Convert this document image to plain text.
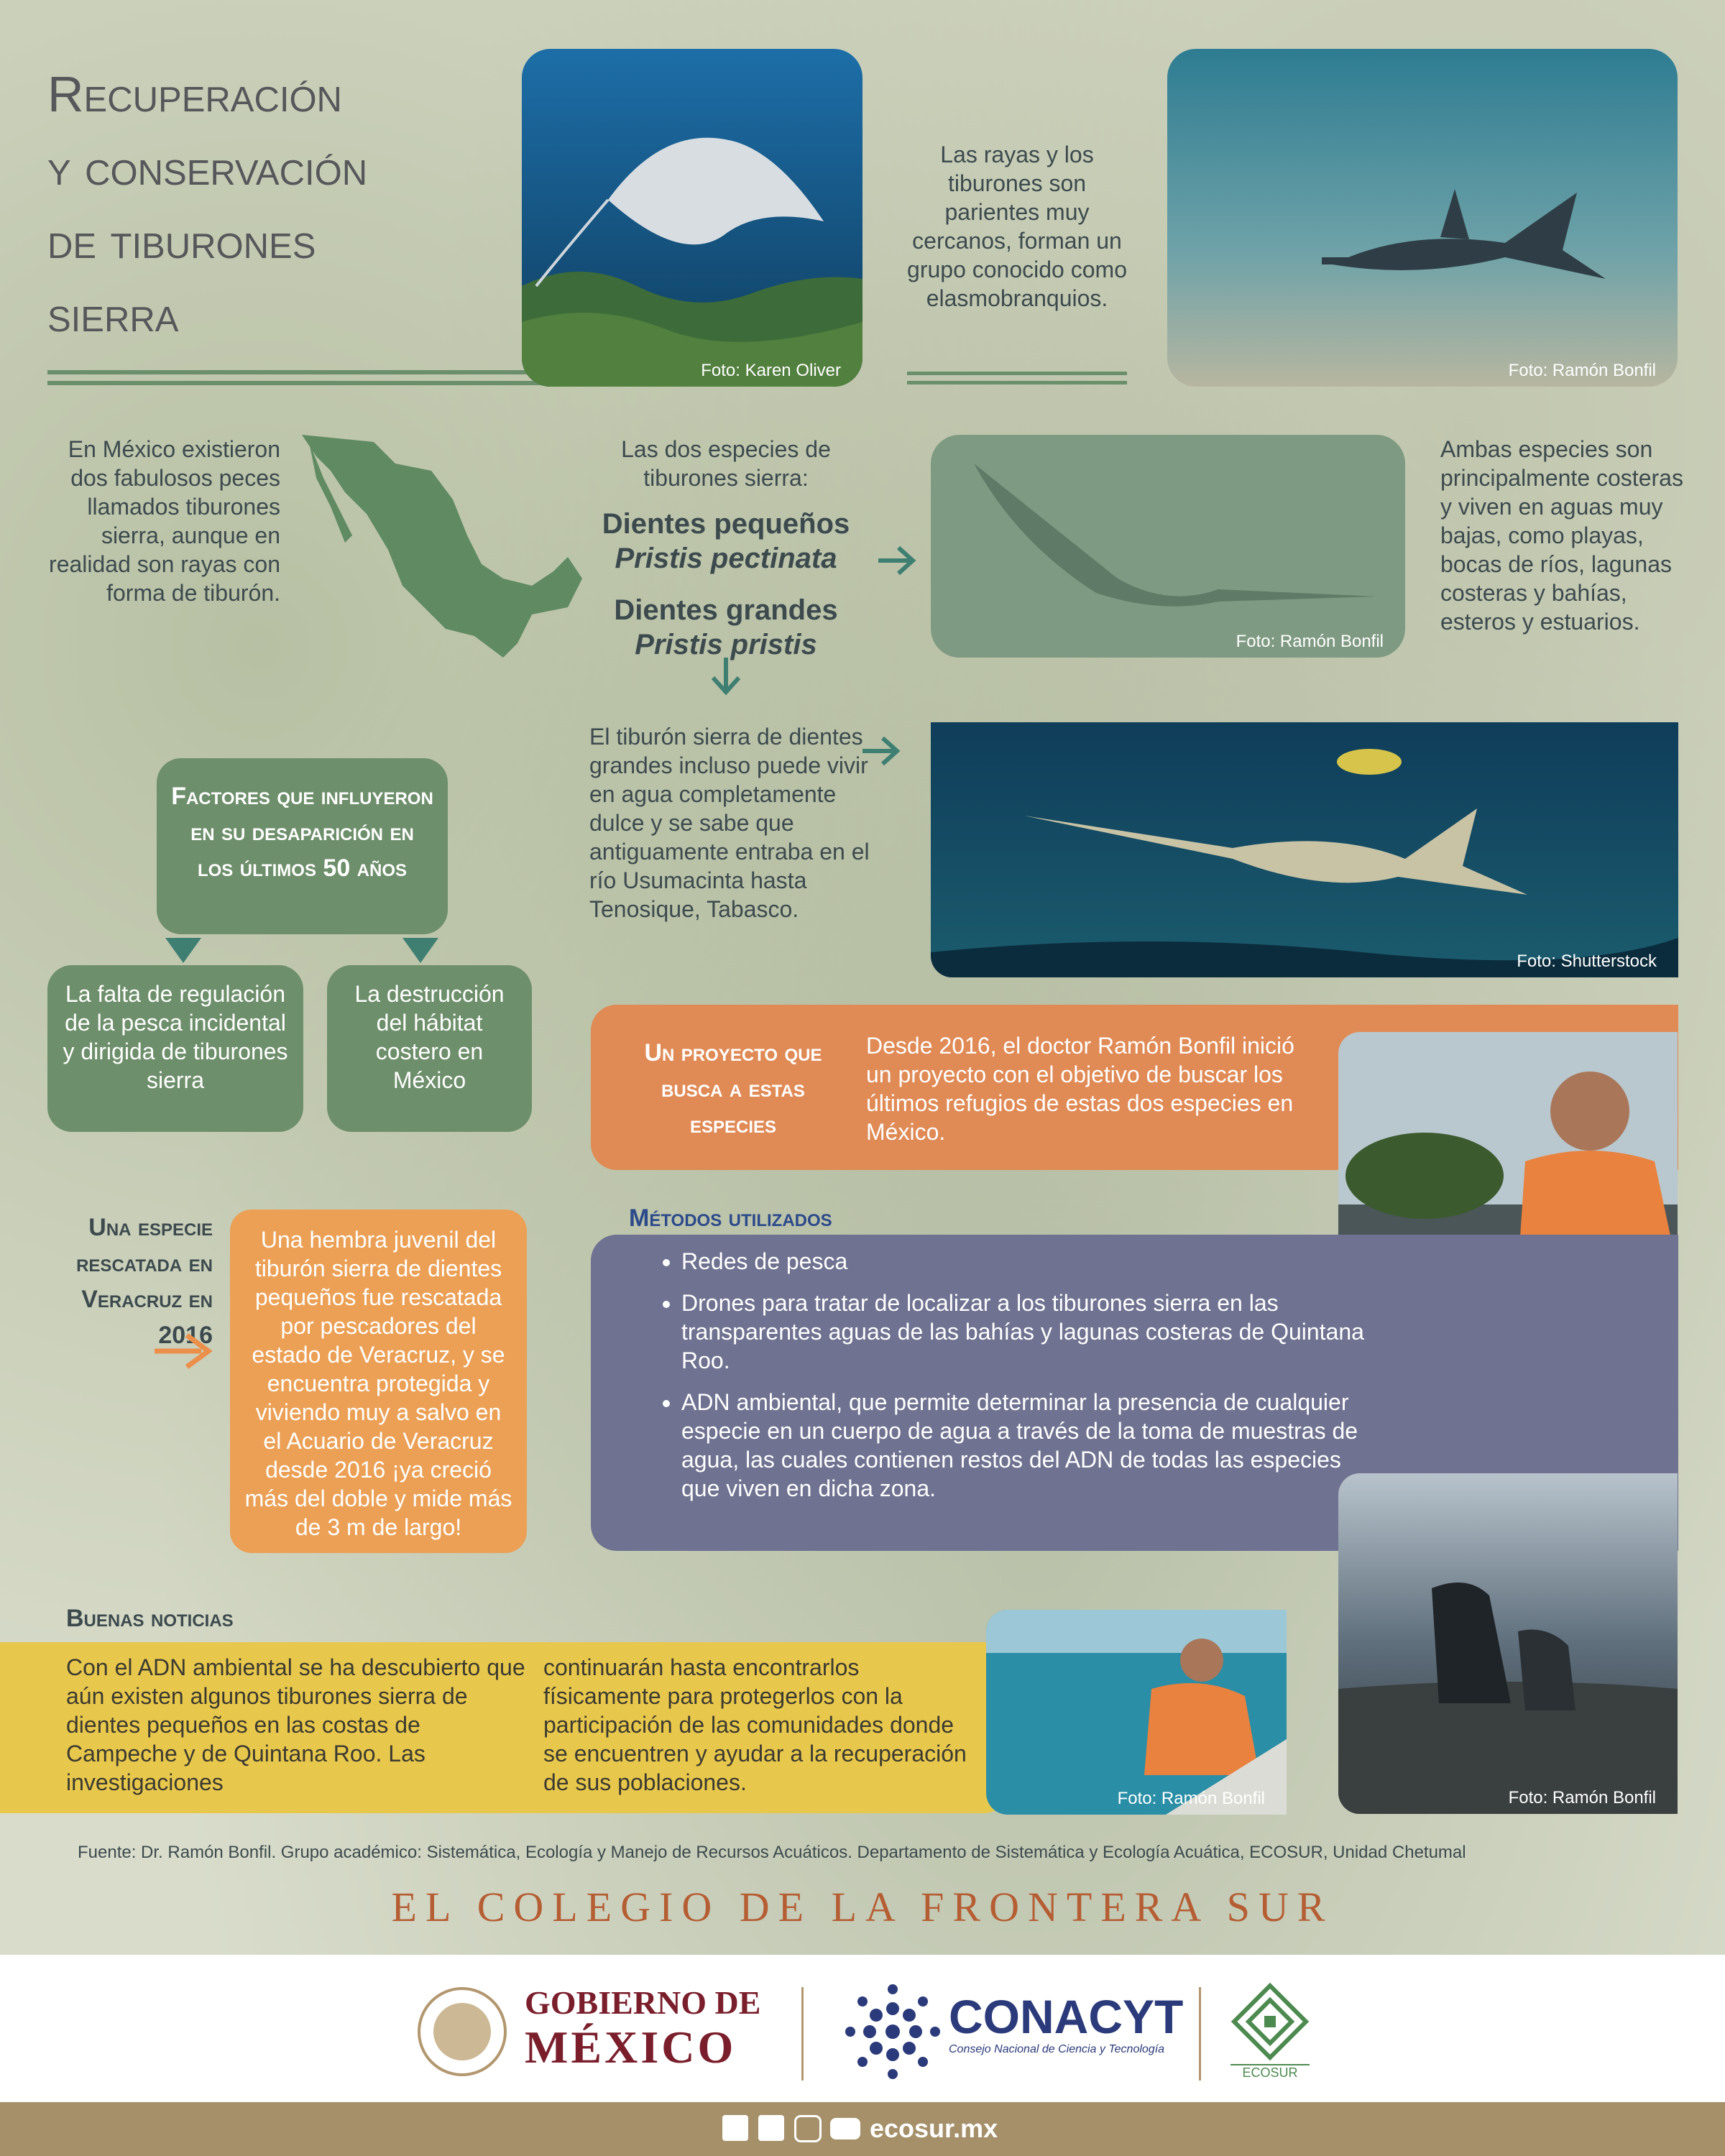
Recuperación
y conservación
de tiburones
sierra
Foto: Karen Oliver
Las rayas y los tiburones son parientes muy cercanos, forman un grupo conocido como elasmobranquios.
Foto: Ramón Bonfil
En México existieron dos fabulosos peces llamados tiburones sierra, aunque en realidad son rayas con forma de tiburón.
Las dos especies de tiburones sierra:
Dientes pequeños
Pristis pectinata
Dientes grandes
Pristis pristis	Foto: Ramón Bonfil
Ambas especies son principalmente costeras y viven en aguas muy bajas, como playas, bocas de ríos, lagunas costeras y bahías, esteros y estuarios.
El tiburón sierra de dientes grandes incluso puede vivir en agua completamente dulce y se sabe que antiguamente entraba en el río Usumacinta hasta Tenosique, Tabasco.
Foto: Shutterstock
Factores que influyeron en su desaparición en los últimos 50 años
La falta de regulación de la pesca incidental y dirigida de tiburones sierra
La destrucción del hábitat costero en México
Un proyecto que busca a estas especies
Desde 2016, el doctor Ramón Bonfil inició un proyecto con el objetivo de buscar los últimos refugios de estas dos especies en México.
Una especie rescatada en Veracruz en 2016
Una hembra juvenil del tiburón sierra de dientes pequeños fue rescatada por pescadores del estado de Veracruz, y se encuentra protegida y viviendo muy a salvo en el Acuario de Veracruz desde 2016 ¡ya creció más del doble y mide más de 3 m de largo!
Métodos utilizados
• Redes de pesca
• Drones para tratar de localizar a los tiburones sierra en las transparentes aguas de las bahías y lagunas costeras de Quintana Roo.
• ADN ambiental, que permite determinar la presencia de cualquier especie en un cuerpo de agua a través de la toma de muestras de agua, las cuales contienen restos del ADN de todas las especies que viven en dicha zona.
Foto: Ramón Bonfil
Buenas noticias
Con el ADN ambiental se ha descubierto que aún existen algunos tiburones sierra de dientes pequeños en las costas de Campeche y de Quintana Roo. Las investigaciones
continuarán hasta encontrarlos físicamente para protegerlos con la participación de las comunidades donde se encuentren y ayudar a la recuperación de sus poblaciones.
Foto: Ramón Bonfil
Fuente: Dr. Ramón Bonfil. Grupo académico: Sistemática, Ecología y Manejo de Recursos Acuáticos. Departamento de Sistemática y Ecología Acuática, ECOSUR, Unidad Chetumal
EL COLEGIO DE LA FRONTERA SUR
GOBIERNO DE
MÉXICO
CONACYT
Consejo Nacional de Ciencia y Tecnología
ECOSUR
ecosur.mx
